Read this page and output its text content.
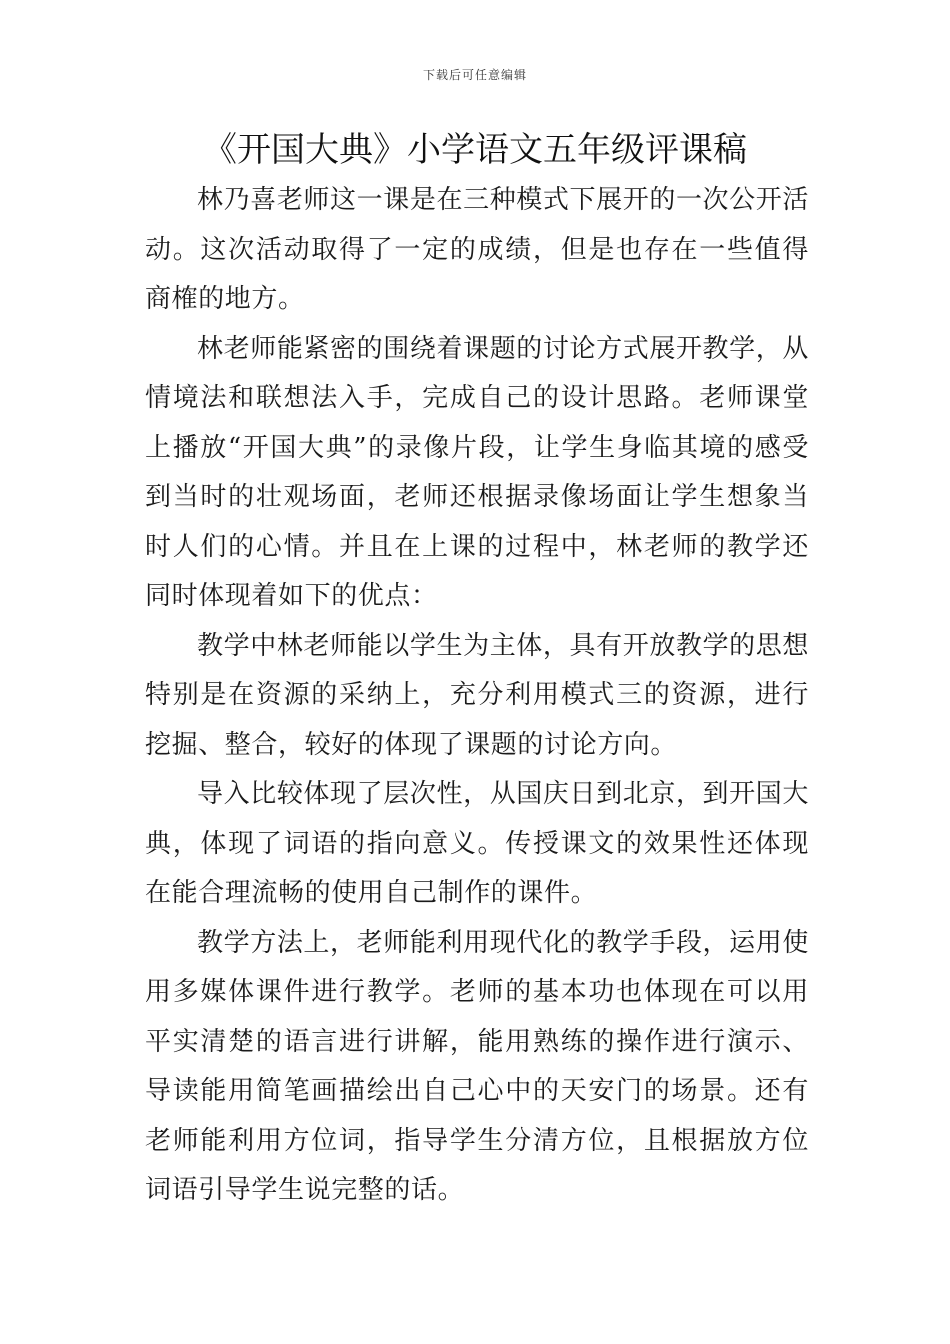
下载后可任意编辑
《开国大典》小学语文五年级评课稿

林乃喜老师这一课是在三种模式下展开的一次公开活动。这次活动取得了一定的成绩，但是也存在一些值得商榷的地方。

林老师能紧密的围绕着课题的讨论方式展开教学，从情境法和联想法入手，完成自己的设计思路。老师课堂上播放“开国大典”的录像片段，让学生身临其境的感受到当时的壮观场面，老师还根据录像场面让学生想象当时人们的心情。并且在上课的过程中，林老师的教学还同时体现着如下的优点：

教学中林老师能以学生为主体，具有开放教学的思想特别是在资源的采纳上，充分利用模式三的资源，进行挖掘、整合，较好的体现了课题的讨论方向。

导入比较体现了层次性，从国庆日到北京，到开国大典，体现了词语的指向意义。传授课文的效果性还体现在能合理流畅的使用自己制作的课件。

教学方法上，老师能利用现代化的教学手段，运用使用多媒体课件进行教学。老师的基本功也体现在可以用平实清楚的语言进行讲解，能用熟练的操作进行演示、导读能用简笔画描绘出自己心中的天安门的场景。还有老师能利用方位词，指导学生分清方位，且根据放方位词语引导学生说完整的话。
